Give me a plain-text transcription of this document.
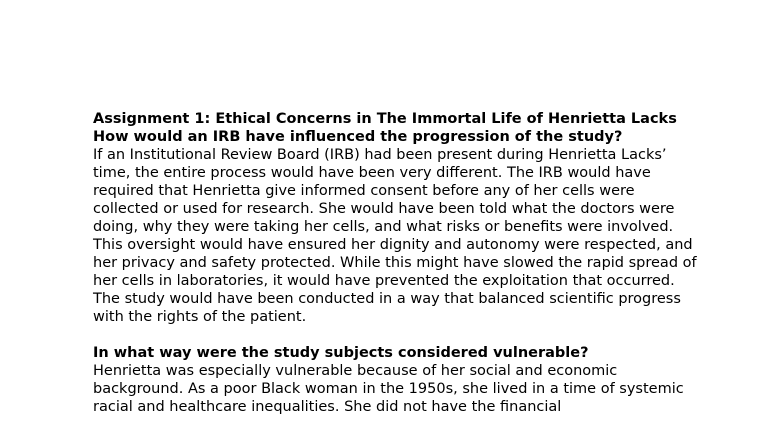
Assignment 1: Ethical Concerns in The Immortal Life of Henrietta Lacks

How would an IRB have influenced the progression of the study?

If an Institutional Review Board (IRB) had been present during Henrietta Lacks’ time, the entire process would have been very different. The IRB would have required that Henrietta give informed consent before any of her cells were collected or used for research. She would have been told what the doctors were doing, why they were taking her cells, and what risks or benefits were involved. This oversight would have ensured her dignity and autonomy were respected, and her privacy and safety protected. While this might have slowed the rapid spread of her cells in laboratories, it would have prevented the exploitation that occurred. The study would have been conducted in a way that balanced scientific progress with the rights of the patient.

In what way were the study subjects considered vulnerable?

Henrietta was especially vulnerable because of her social and economic background. As a poor Black woman in the 1950s, she lived in a time of systemic racial and healthcare inequalities. She did not have the financial
